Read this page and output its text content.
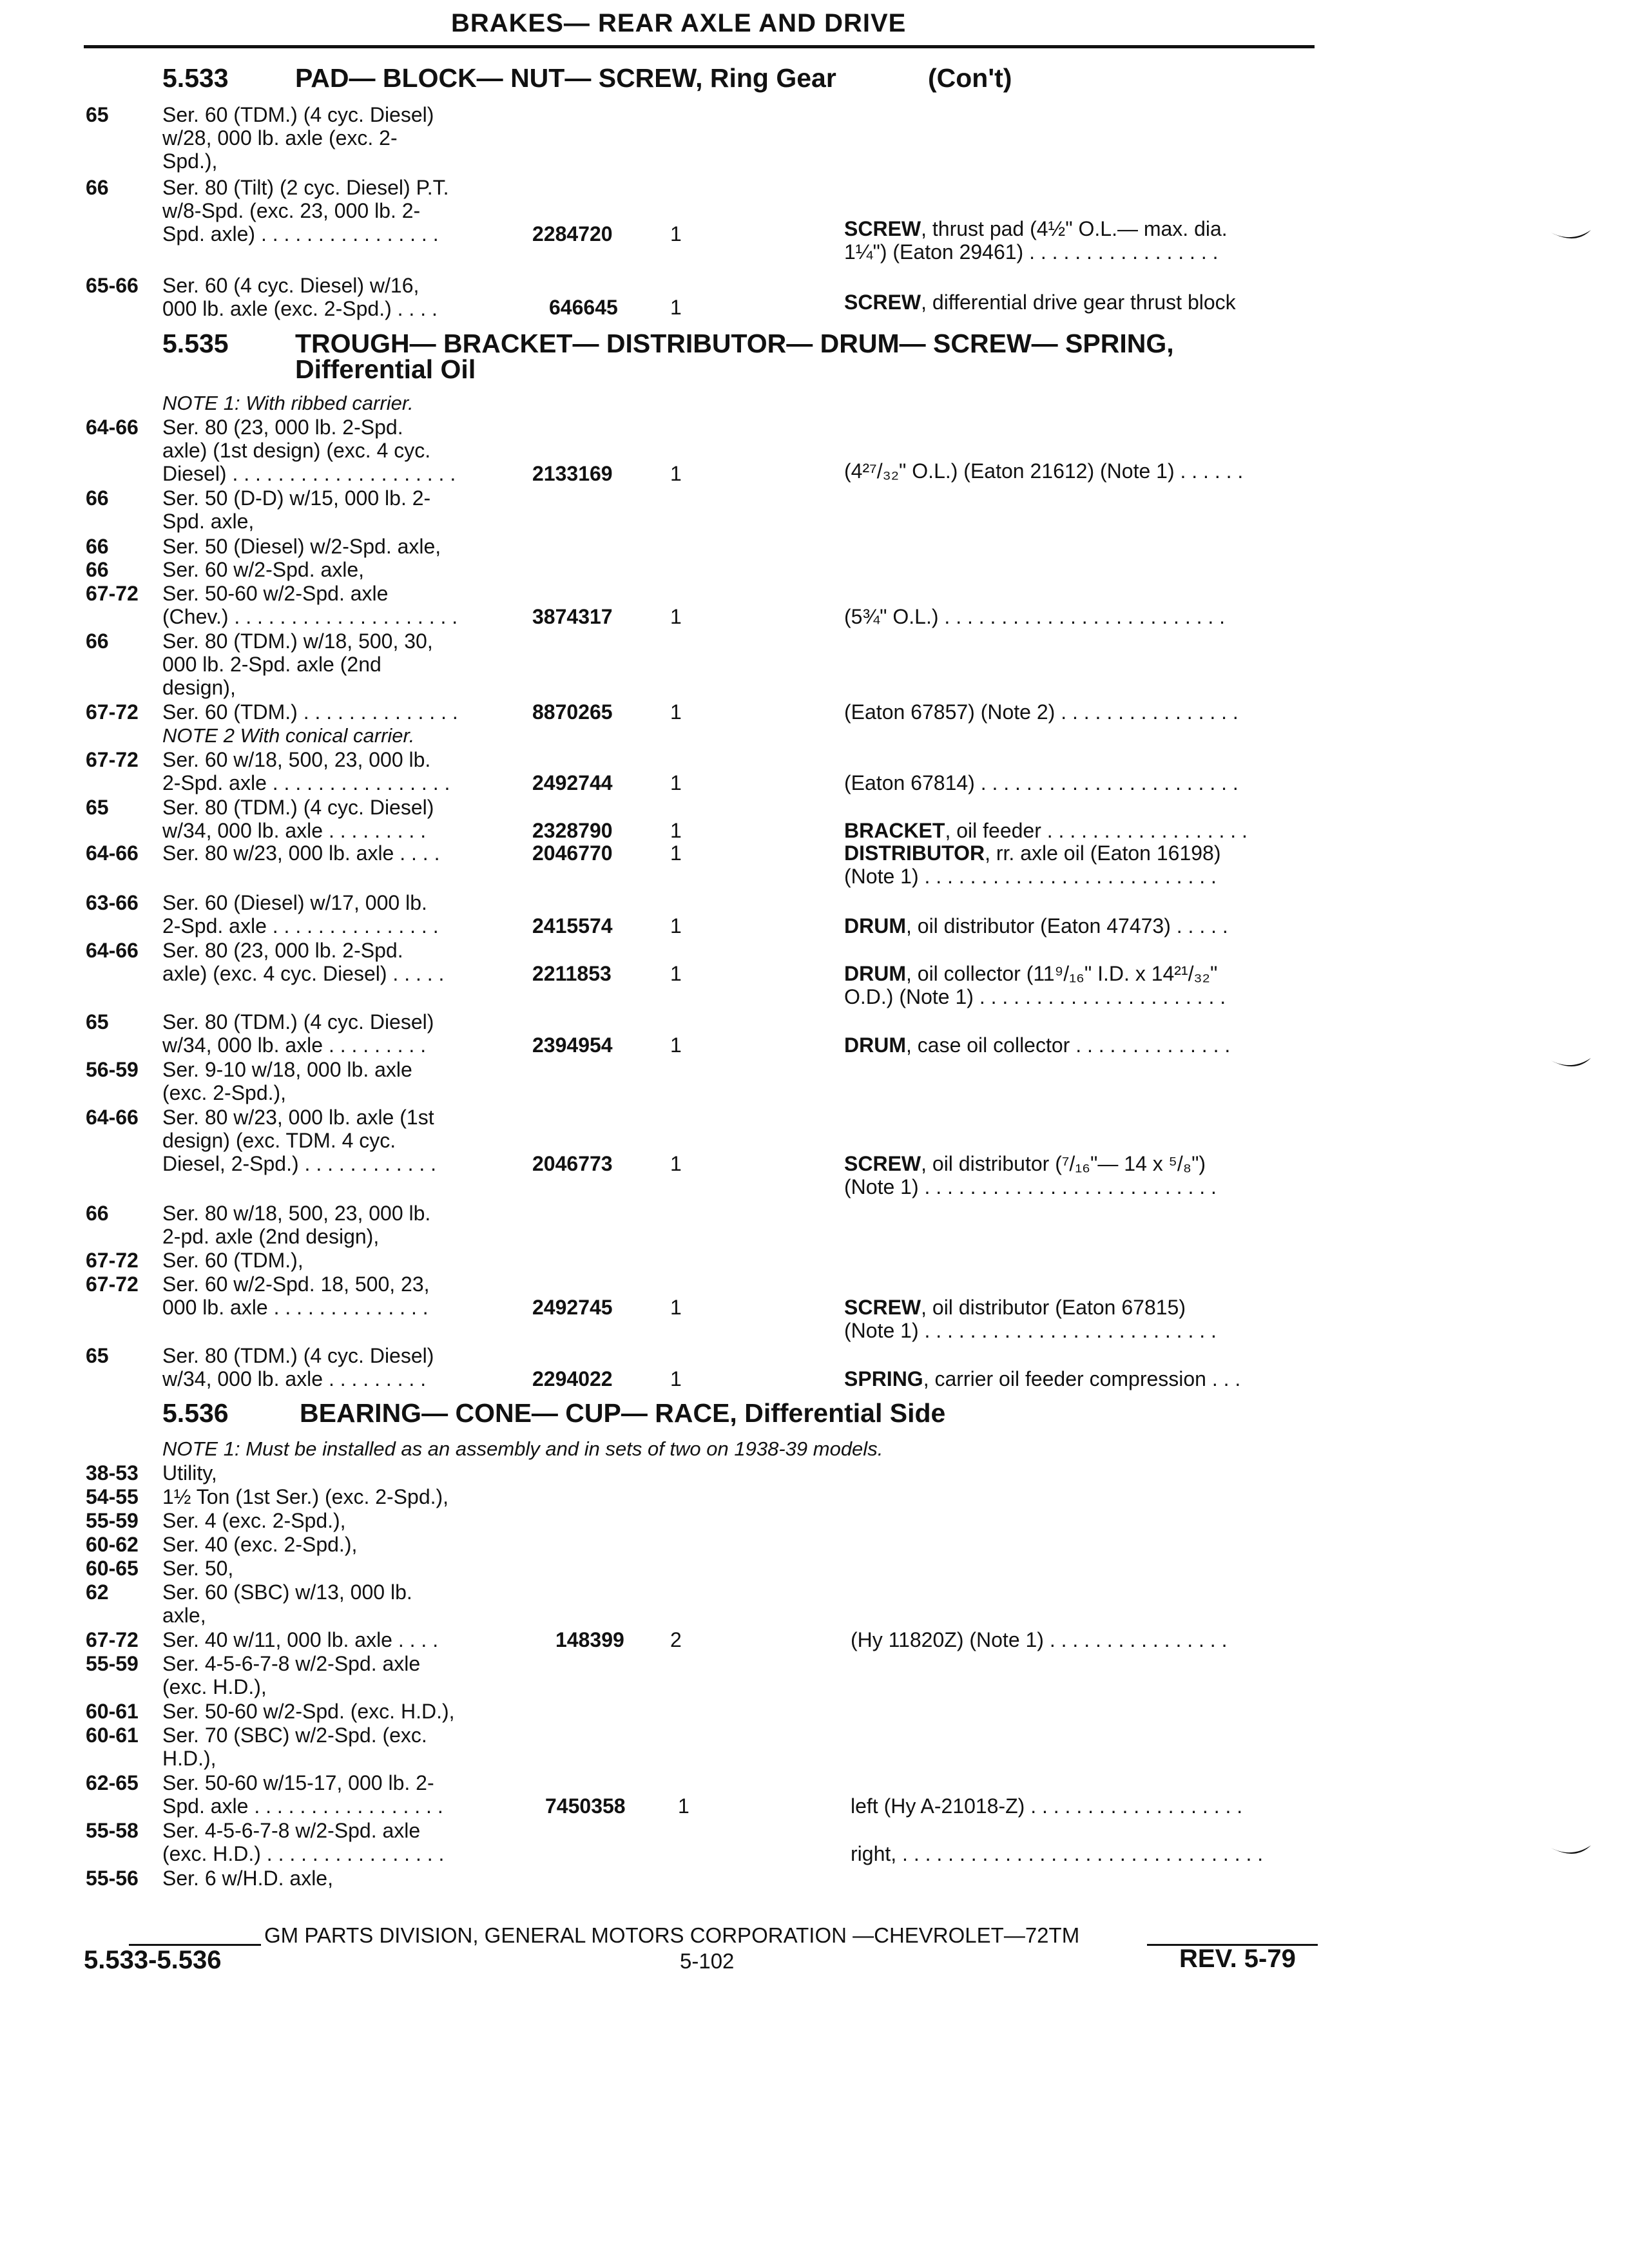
BRAKES— REAR AXLE AND DRIVE
5.533	PAD— BLOCK— NUT— SCREW, Ring Gear	(Con't)
65	Ser. 60 (TDM.) (4 cyc. Diesel)
w/28, 000 lb. axle (exc. 2-
Spd.),
66	Ser. 80 (Tilt) (2 cyc. Diesel) P.T.
w/8-Spd. (exc. 23, 000 lb. 2-
Spd. axle) . . . . . . . . . . . . . . . .	2284720	1	SCREW, thrust pad (4½" O.L.— max. dia.
1¼") (Eaton 29461) . . . . . . . . . . . . . . . . .
65-66 Ser. 60 (4 cyc. Diesel) w/16,
000 lb. axle (exc. 2-Spd.) . . . .	646645	1	SCREW, differential drive gear thrust block
5.535	TROUGH— BRACKET— DISTRIBUTOR— DRUM— SCREW— SPRING,
Differential Oil
NOTE 1: With ribbed carrier.
64-66 Ser. 80 (23, 000 lb. 2-Spd.
axle) (1st design) (exc. 4 cyc.
Diesel) . . . . . . . . . . . . . . . . . . . .	2133169	1	(4²⁷/₃₂" O.L.) (Eaton 21612) (Note 1) . . . . . .
66	Ser. 50 (D-D) w/15, 000 lb. 2-
Spd. axle,
66	Ser. 50 (Diesel) w/2-Spd. axle,
66	Ser. 60 w/2-Spd. axle,
67-72 Ser. 50-60 w/2-Spd. axle
(Chev.) . . . . . . . . . . . . . . . . . . . .	3874317	1	(5¾" O.L.) . . . . . . . . . . . . . . . . . . . . . . . . .
66	Ser. 80 (TDM.) w/18, 500, 30,
000 lb. 2-Spd. axle (2nd
design),
67-72 Ser. 60 (TDM.) . . . . . . . . . . . . . .	8870265	1	(Eaton 67857) (Note 2) . . . . . . . . . . . . . . . .
NOTE 2 With conical carrier.
67-72 Ser. 60 w/18, 500, 23, 000 lb.
2-Spd. axle . . . . . . . . . . . . . . . .	2492744	1	(Eaton 67814) . . . . . . . . . . . . . . . . . . . . . . .
65	Ser. 80 (TDM.) (4 cyc. Diesel)
w/34, 000 lb. axle . . . . . . . . .	2328790	1	BRACKET, oil feeder . . . . . . . . . . . . . . . . . .
64-66 Ser. 80 w/23, 000 lb. axle . . . .	2046770	1	DISTRIBUTOR, rr. axle oil (Eaton 16198)
(Note 1) . . . . . . . . . . . . . . . . . . . . . . . . . .
63-66 Ser. 60 (Diesel) w/17, 000 lb.
2-Spd. axle . . . . . . . . . . . . . . .	2415574	1	DRUM, oil distributor (Eaton 47473) . . . . .
64-66 Ser. 80 (23, 000 lb. 2-Spd.
axle) (exc. 4 cyc. Diesel) . . . . .	2211853	1	DRUM, oil collector (11⁹/₁₆" I.D. x 14²¹/₃₂"
O.D.) (Note 1) . . . . . . . . . . . . . . . . . . . . . .
65	Ser. 80 (TDM.) (4 cyc. Diesel)
w/34, 000 lb. axle . . . . . . . . .	2394954	1	DRUM, case oil collector . . . . . . . . . . . . . .
56-59 Ser. 9-10 w/18, 000 lb. axle
(exc. 2-Spd.),
64-66 Ser. 80 w/23, 000 lb. axle (1st
design) (exc. TDM. 4 cyc.
Diesel, 2-Spd.) . . . . . . . . . . . .	2046773	1	SCREW, oil distributor (⁷/₁₆"— 14 x ⁵/₈")
(Note 1) . . . . . . . . . . . . . . . . . . . . . . . . . .
66	Ser. 80 w/18, 500, 23, 000 lb.
2-pd. axle (2nd design),
67-72 Ser. 60 (TDM.),
67-72 Ser. 60 w/2-Spd. 18, 500, 23,
000 lb. axle . . . . . . . . . . . . . .	2492745	1	SCREW, oil distributor (Eaton 67815)
(Note 1) . . . . . . . . . . . . . . . . . . . . . . . . . .
65	Ser. 80 (TDM.) (4 cyc. Diesel)
w/34, 000 lb. axle . . . . . . . . .	2294022	1	SPRING, carrier oil feeder compression . . .
5.536	BEARING— CONE— CUP— RACE, Differential Side
NOTE 1: Must be installed as an assembly and in sets of two on 1938-39 models.
38-53 Utility,
54-55 1½ Ton (1st Ser.) (exc. 2-Spd.),
55-59 Ser. 4 (exc. 2-Spd.),
60-62 Ser. 40 (exc. 2-Spd.),
60-65 Ser. 50,
62	Ser. 60 (SBC) w/13, 000 lb.
axle,
67-72 Ser. 40 w/11, 000 lb. axle . . . .	148399 2	(Hy 11820Z) (Note 1) . . . . . . . . . . . . . . . .
55-59 Ser. 4-5-6-7-8 w/2-Spd. axle
(exc. H.D.),
60-61 Ser. 50-60 w/2-Spd. (exc. H.D.),
60-61 Ser. 70 (SBC) w/2-Spd. (exc.
H.D.),
62-65 Ser. 50-60 w/15-17, 000 lb. 2-
Spd. axle . . . . . . . . . . . . . . . . .	7450358	1	left (Hy A-21018-Z) . . . . . . . . . . . . . . . . . . .
55-58 Ser. 4-5-6-7-8 w/2-Spd. axle
(exc. H.D.) . . . . . . . . . . . . . . . .	right, . . . . . . . . . . . . . . . . . . . . . . . . . . . . . . . .
55-56 Ser. 6 w/H.D. axle,
GM PARTS DIVISION, GENERAL MOTORS CORPORATION —CHEVROLET—72TM
5.533-5.536	5-102	REV. 5-79
